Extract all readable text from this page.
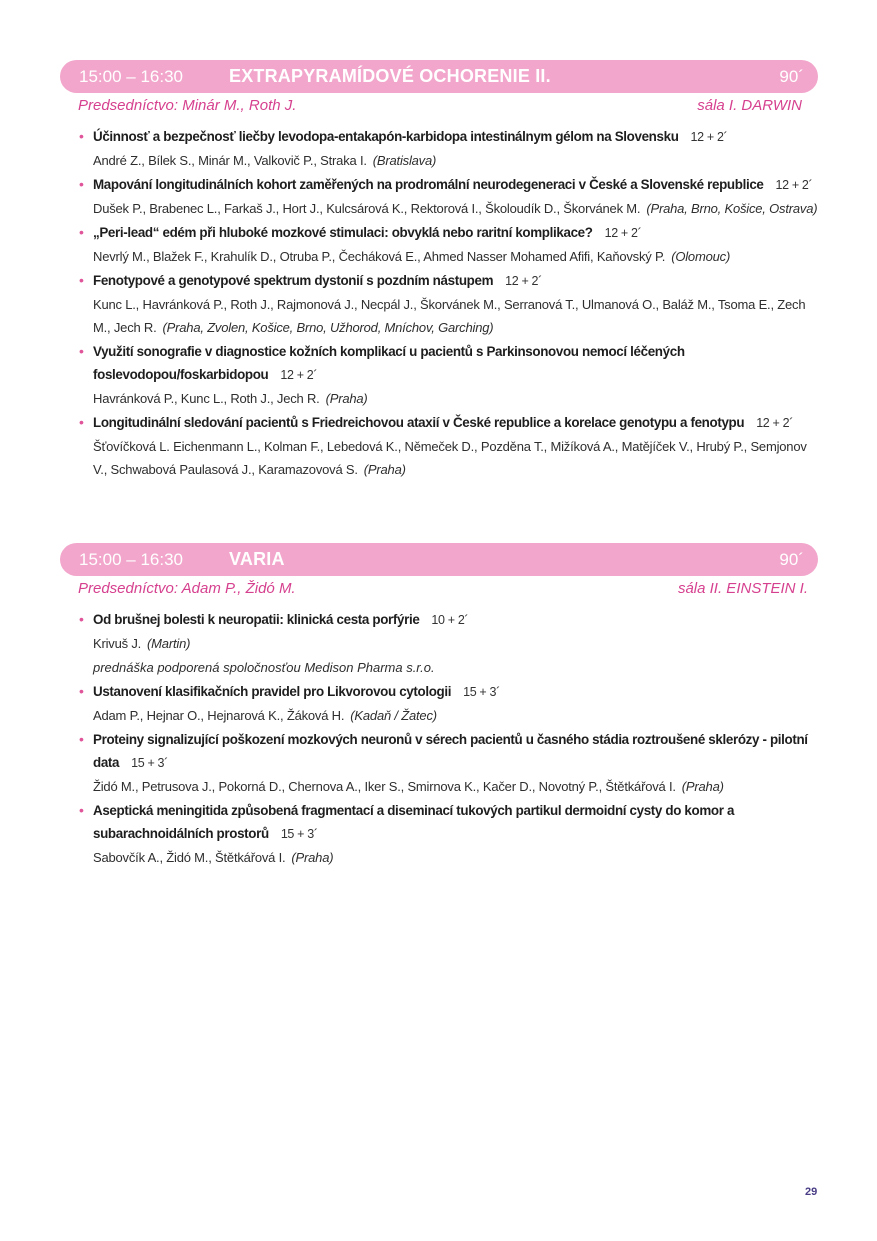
15:00 – 16:30	EXTRAPYRAMÍDOVÉ OCHORENIE II.	90´
Predsedníctvo: Minár M., Roth J.	sála I. DARWIN
• Účinnosť a bezpečnosť liečby levodopa-entakapón-karbidopa intestinálnym gélom na Slovensku 12 + 2´
André Z., Bílek S., Minár M., Valkovič P., Straka I. (Bratislava)
• Mapování longitudinálních kohort zaměřených na prodromální neurodegeneraci v České a Slovenské republice 12 + 2´
Dušek P., Brabenec L., Farkaš J., Hort J., Kulcsárová K., Rektorová I., Školoudík D., Škorvánek M. (Praha, Brno, Košice, Ostrava)
• „Peri-lead“ edém při hluboké mozkové stimulaci: obvyklá nebo raritní komplikace? 12 + 2´
Nevrlý M., Blažek F., Krahulík D., Otruba P., Čecháková E., Ahmed Nasser Mohamed Afifi, Kaňovský P. (Olomouc)
• Fenotypové a genotypové spektrum dystonií s pozdním nástupem 12 + 2´
Kunc L., Havránková P., Roth J., Rajmonová J., Necpál J., Škorvánek M., Serranová T., Ulmanová O., Baláž M., Tsoma E., Zech M., Jech R. (Praha, Zvolen, Košice, Brno, Užhorod, Mníchov, Garching)
• Využití sonografie v diagnostice kožních komplikací u pacientů s Parkinsonovou nemocí léčených foslevodopou/foskarbidopou 12 + 2´
Havránková P., Kunc L., Roth J., Jech R. (Praha)
• Longitudinální sledování pacientů s Friedreichovou ataxií v České republice a korelace genotypu a fenotypu 12 + 2´
Šťovíčková L. Eichenmann L., Kolman F., Lebedová K., Němeček D., Pozděna T., Mižíková A., Matějíček V., Hrubý P., Semjonov V., Schwabová Paulasová J., Karamazovová S. (Praha)
15:00 – 16:30	VARIA	90´
Predsedníctvo: Adam P., Židó M.	sála II. EINSTEIN I.
• Od brušnej bolesti k neuropatii: klinická cesta porfýrie 10 + 2´
Krivuš J. (Martin)
prednáška podporená spoločnosťou Medison Pharma s.r.o.
• Ustanovení klasifikačních pravidel pro Likvorovou cytologii 15 + 3´
Adam P., Hejnar O., Hejnarová K., Žáková H. (Kadaň / Žatec)
• Proteiny signalizující poškození mozkových neuronů v sérech pacientů u časného stádia roztroušené sklerózy - pilotní data 15 + 3´
Židó M., Petrusova J., Pokorná D., Chernova A., Iker S., Smirnova K., Kačer D., Novotný P., Štětkářová I. (Praha)
• Aseptická meningitida způsobená fragmentací a diseminací tukových partikul dermoidní cysty do komor a subarachnoidálních prostorů 15 + 3´
Sabovčík A., Židó M., Štětkářová I. (Praha)
29
